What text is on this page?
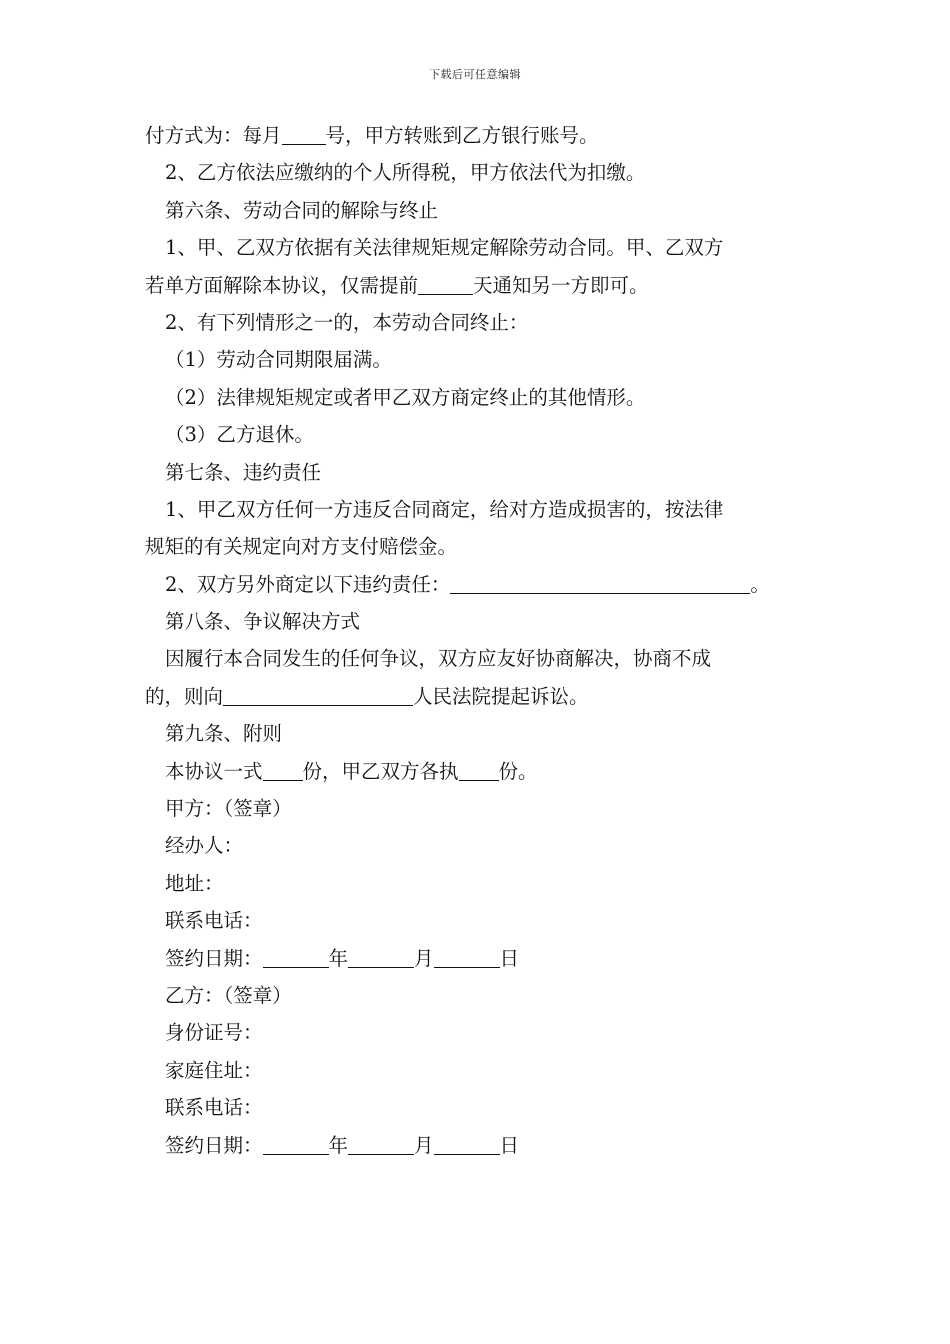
下载后可任意编辑
付方式为：每月 号，甲方转账到乙方银行账号。
2、乙方依法应缴纳的个人所得税，甲方依法代为扣缴。
第六条、劳动合同的解除与终止
1、甲、乙双方依据有关法律规矩规定解除劳动合同。甲、乙双方
若单方面解除本协议，仅需提前	天通知另一方即可。
2、有下列情形之一的，本劳动合同终止：
（1）劳动合同期限届满。
（2）法律规矩规定或者甲乙双方商定终止的其他情形。
（3）乙方退休。
第七条、违约责任
1、甲乙双方任何一方违反合同商定，给对方造成损害的，按法律
规矩的有关规定向对方支付赔偿金。
2、双方另外商定以下违约责任：	。
第八条、争议解决方式
因履行本合同发生的任何争议，双方应友好协商解决，协商不成
的，则向	人民法院提起诉讼。
第九条、附则
本协议一式 份，甲乙双方各执 份。
甲方：（签章）
经办人：
地址：
联系电话：
签约日期：	年	月	日
乙方：（签章）
身份证号：
家庭住址：
联系电话：
签约日期：	年	月	日
